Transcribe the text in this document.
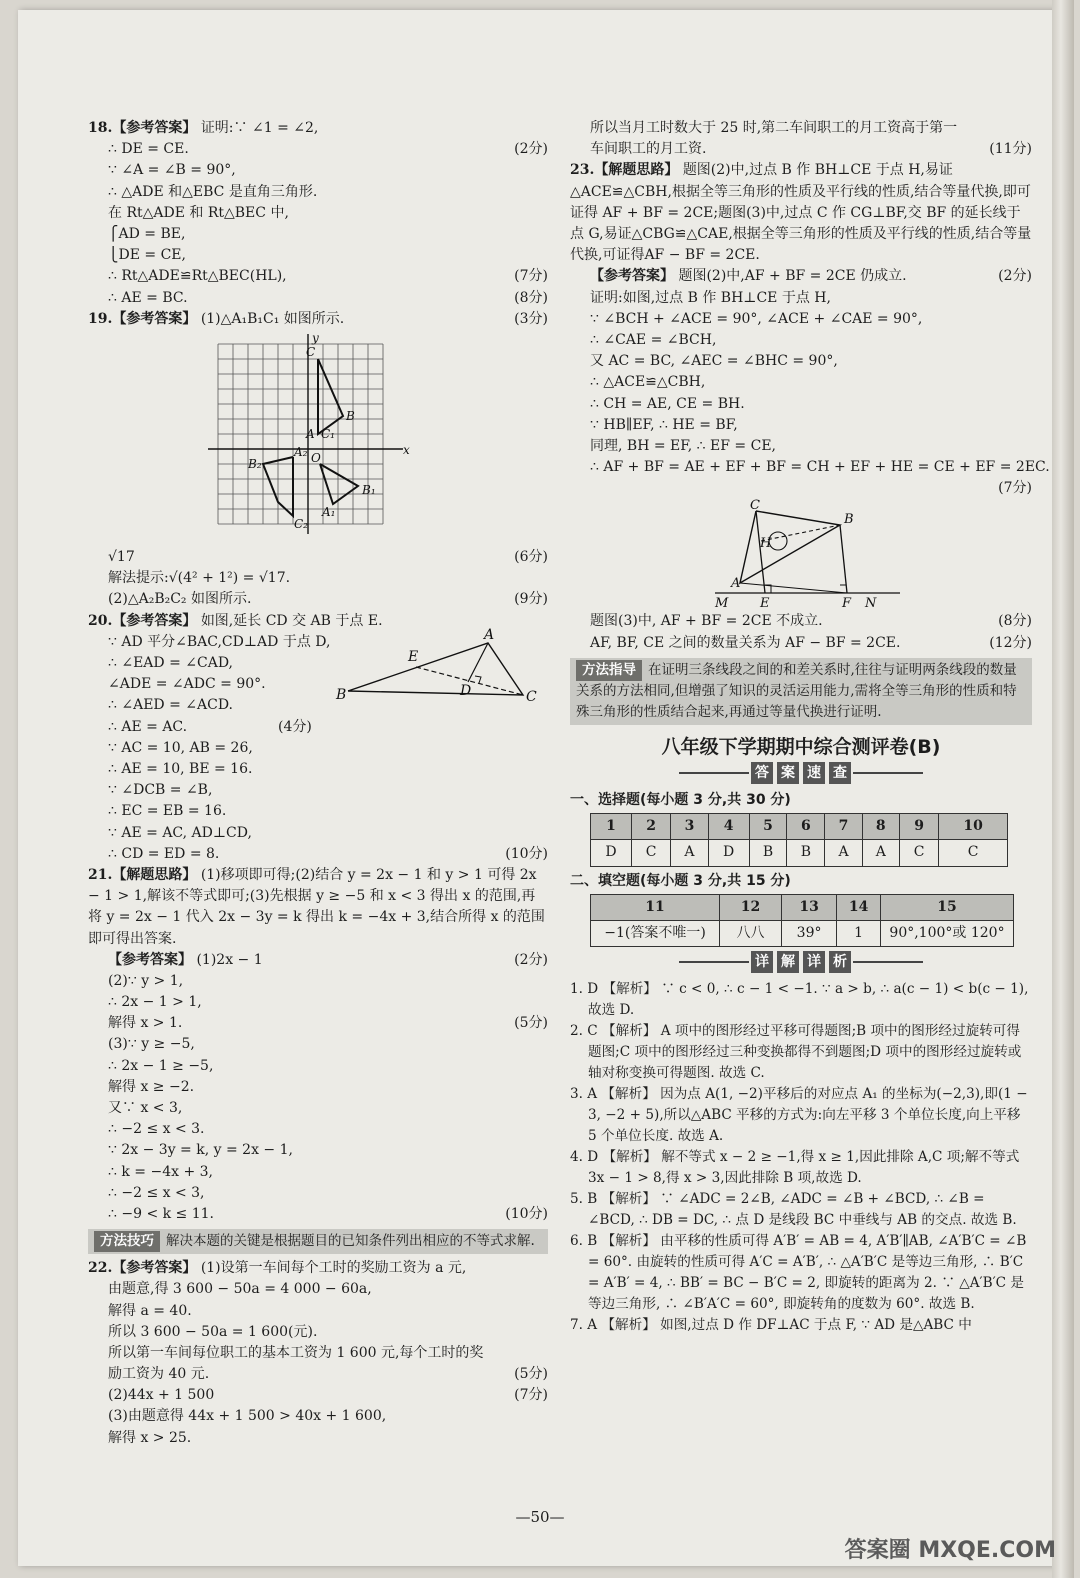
18.【参考答案】 证明:∵ ∠1 = ∠2,
∴ DE = CE.	(2分)
∵ ∠A = ∠B = 90°,
∴ △ADE 和△EBC 是直角三角形.
在 Rt△ADE 和 Rt△BEC 中,
⎧AD = BE,
⎩DE = CE,
∴ Rt△ADE≌Rt△BEC(HL),	(7分)
∴ AE = BC.	(8分)
19.【参考答案】 (1)△A₁B₁C₁ 如图所示.	(3分)
y
x
O
C
B
A C₁
A₁
B₁
B₂
A₂
C₂
√17	(6分)
解法提示:√(4² + 1²) = √17.
(2)△A₂B₂C₂ 如图所示.	(9分)
20.【参考答案】 如图,延长 CD 交 AB 于点 E.
A
B	C
D
E
∵ AD 平分∠BAC,CD⊥AD 于点 D,
∴ ∠EAD = ∠CAD,
∠ADE = ∠ADC = 90°.
∴ ∠AED = ∠ACD.
∴ AE = AC.	(4分)
∵ AC = 10, AB = 26,
∴ AE = 10, BE = 16.
∵ ∠DCB = ∠B,
∴ EC = EB = 16.
∵ AE = AC, AD⊥CD,
∴ CD = ED = 8.	(10分)
21.【解题思路】 (1)移项即可得;(2)结合 y = 2x − 1 和 y > 1 可得 2x − 1 > 1,解该不等式即可;(3)先根据 y ≥ −5 和 x < 3 得出 x 的范围,再将 y = 2x − 1 代入 2x − 3y = k 得出 k = −4x + 3,结合所得 x 的范围即可得出答案.
【参考答案】 (1)2x − 1	(2分)
(2)∵ y > 1,
∴ 2x − 1 > 1,
解得 x > 1.	(5分)
(3)∵ y ≥ −5,
∴ 2x − 1 ≥ −5,
解得 x ≥ −2.
又∵ x < 3,
∴ −2 ≤ x < 3.
∵ 2x − 3y = k, y = 2x − 1,
∴ k = −4x + 3,
∴ −2 ≤ x < 3,
∴ −9 < k ≤ 11.	(10分)
方法技巧 解决本题的关键是根据题目的已知条件列出相应的不等式求解.
22.【参考答案】 (1)设第一车间每个工时的奖励工资为 a 元,
由题意,得 3 600 − 50a = 4 000 − 60a,
解得 a = 40.
所以 3 600 − 50a = 1 600(元).
所以第一车间每位职工的基本工资为 1 600 元,每个工时的奖
励工资为 40 元.	(5分)
(2)44x + 1 500	(7分)
(3)由题意得 44x + 1 500 > 40x + 1 600,
解得 x > 25.
所以当月工时数大于 25 时,第二车间职工的月工资高于第一
车间职工的月工资.	(11分)
23.【解题思路】 题图(2)中,过点 B 作 BH⊥CE 于点 H,易证△ACE≌△CBH,根据全等三角形的性质及平行线的性质,结合等量代换,即可证得 AF + BF = 2CE;题图(3)中,过点 C 作 CG⊥BF,交 BF 的延长线于点 G,易证△CBG≌△CAE,根据全等三角形的性质及平行线的性质,结合等量代换,可证得AF − BF = 2CE.
【参考答案】 题图(2)中,AF + BF = 2CE 仍成立.	(2分)
证明:如图,过点 B 作 BH⊥CE 于点 H,
∵ ∠BCH + ∠ACE = 90°, ∠ACE + ∠CAE = 90°,
∴ ∠CAE = ∠BCH,
又 AC = BC, ∠AEC = ∠BHC = 90°,
∴ △ACE≌△CBH,
∴ CH = AE, CE = BH.
∵ HB∥EF, ∴ HE = BF,
同理, BH = EF, ∴ EF = CE,
∴ AF + BF = AE + EF + BF = CH + EF + HE = CE + EF = 2EC.
(7分)
C
B
H
A
M E	F N
题图(3)中, AF + BF = 2CE 不成立.	(8分)
AF, BF, CE 之间的数量关系为 AF − BF = 2CE.	(12分)
方法指导 在证明三条线段之间的和差关系时,往往与证明两条线段的数量关系的方法相同,但增强了知识的灵活运用能力,需将全等三角形的性质和特殊三角形的性质结合起来,再通过等量代换进行证明.
八年级下学期期中综合测评卷(B)
答 案 速 查
一、选择题(每小题 3 分,共 30 分)
1	2	3	4	5	6	7	8	9	10
D	C	A	D	B	B	A	A	C	C
二、填空题(每小题 3 分,共 15 分)
11	12	13	14	15
−1(答案不唯一)	八八	39°	1	90°,100°或 120°
详 解 详 析
1. D 【解析】 ∵ c < 0, ∴ c − 1 < −1. ∵ a > b, ∴ a(c − 1) < b(c − 1), 故选 D.
2. C 【解析】 A 项中的图形经过平移可得题图;B 项中的图形经过旋转可得题图;C 项中的图形经过三种变换都得不到题图;D 项中的图形经过旋转或轴对称变换可得题图. 故选 C.
3. A 【解析】 因为点 A(1, −2)平移后的对应点 A₁ 的坐标为(−2,3),即(1 − 3, −2 + 5),所以△ABC 平移的方式为:向左平移 3 个单位长度,向上平移 5 个单位长度. 故选 A.
4. D 【解析】 解不等式 x − 2 ≥ −1,得 x ≥ 1,因此排除 A,C 项;解不等式 3x − 1 > 8,得 x > 3,因此排除 B 项,故选 D.
5. B 【解析】 ∵ ∠ADC = 2∠B, ∠ADC = ∠B + ∠BCD, ∴ ∠B = ∠BCD, ∴ DB = DC, ∴ 点 D 是线段 BC 中垂线与 AB 的交点. 故选 B.
6. B 【解析】 由平移的性质可得 A′B′ = AB = 4, A′B′∥AB, ∠A′B′C = ∠B = 60°. 由旋转的性质可得 A′C = A′B′, ∴ △A′B′C 是等边三角形, ∴ B′C = A′B′ = 4, ∴ BB′ = BC − B′C = 2, 即旋转的距离为 2. ∵ △A′B′C 是等边三角形, ∴ ∠B′A′C = 60°, 即旋转角的度数为 60°. 故选 B.
7. A 【解析】 如图,过点 D 作 DF⊥AC 于点 F, ∵ AD 是△ABC 中
—50—
答案圈 MXQE.COM
